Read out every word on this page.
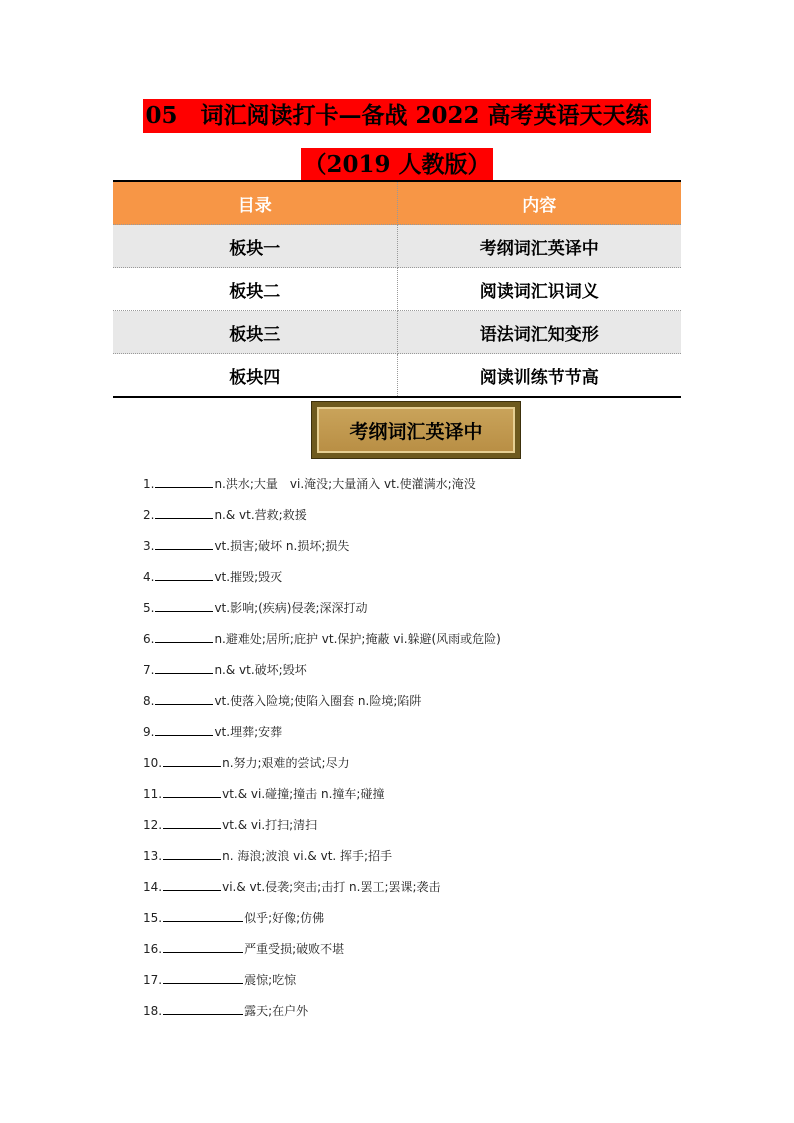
05　词汇阅读打卡—备战 2022 高考英语天天练
（2019 人教版）
目录	内容
板块一	考纲词汇英译中
板块二	阅读词汇识词义
板块三	语法词汇知变形
板块四	阅读训练节节高
考纲词汇英译中
1.	n.洪水;大量　vi.淹没;大量涌入 vt.使灌满水;淹没
2.	n.& vt.营救;救援
3.	vt.损害;破坏 n.损坏;损失
4.	vt.摧毁;毁灭
5.	vt.影响;(疾病)侵袭;深深打动
6.	n.避难处;居所;庇护 vt.保护;掩蔽 vi.躲避(风雨或危险)
7.	n.& vt.破坏;毁坏
8.	vt.使落入险境;使陷入圈套 n.险境;陷阱
9.	vt.埋葬;安葬
10.	n.努力;艰难的尝试;尽力
11.	vt.& vi.碰撞;撞击 n.撞车;碰撞
12.	vt.& vi.打扫;清扫
13.	n. 海浪;波浪 vi.& vt. 挥手;招手
14.	vi.& vt.侵袭;突击;击打 n.罢工;罢课;袭击
15.	似乎;好像;仿佛
16.	严重受损;破败不堪
17.	震惊;吃惊
18.	露天;在户外
